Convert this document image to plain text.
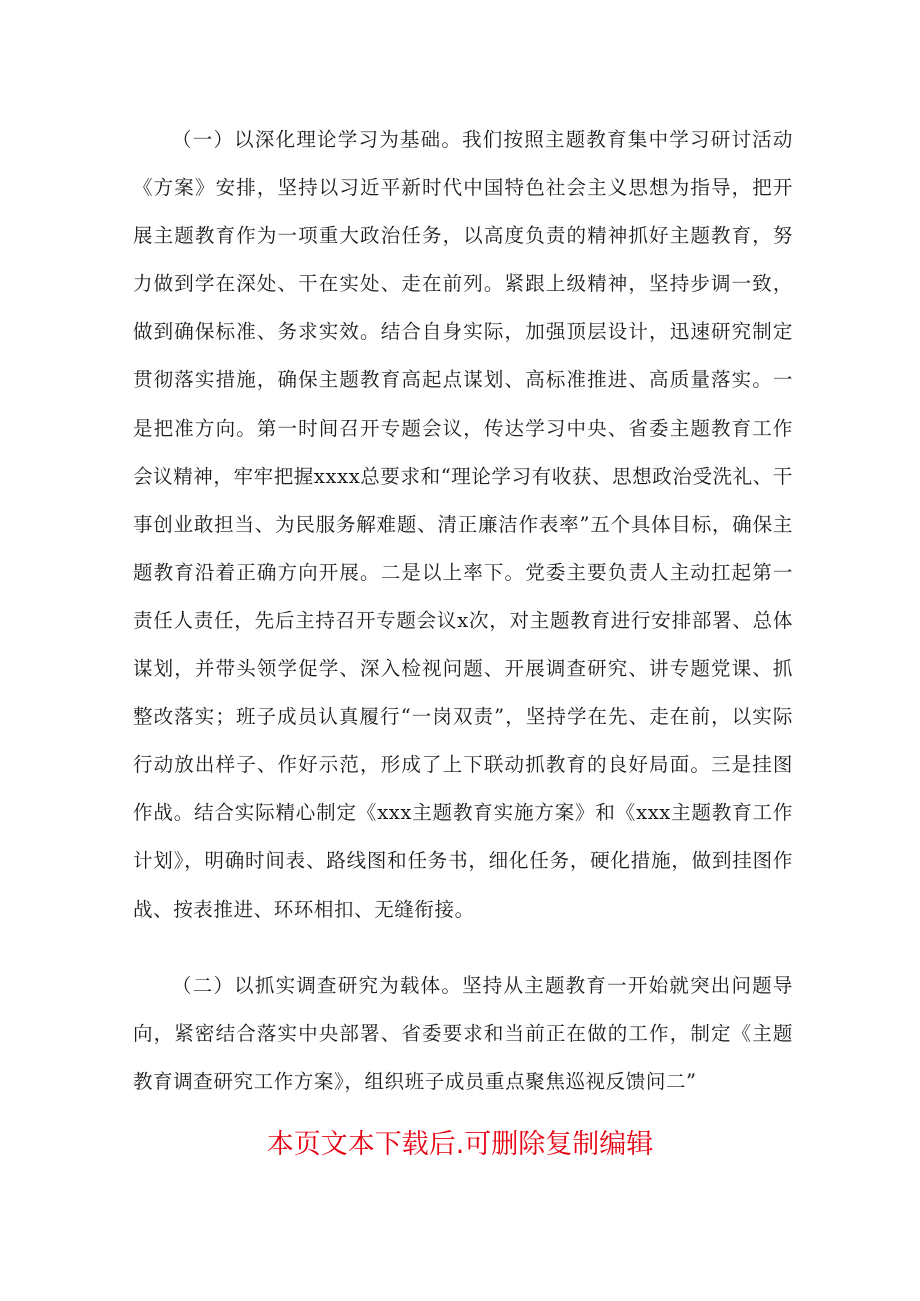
（一）以深化理论学习为基础。我们按照主题教育集中学习研讨活动《方案》安排，坚持以习近平新时代中国特色社会主义思想为指导，把开展主题教育作为一项重大政治任务，以高度负责的精神抓好主题教育，努力做到学在深处、干在实处、走在前列。紧跟上级精神，坚持步调一致，做到确保标准、务求实效。结合自身实际，加强顶层设计，迅速研究制定贯彻落实措施，确保主题教育高起点谋划、高标准推进、高质量落实。一是把准方向。第一时间召开专题会议，传达学习中央、省委主题教育工作会议精神，牢牢把握xxxx总要求和“理论学习有收获、思想政治受洗礼、干事创业敢担当、为民服务解难题、清正廉洁作表率”五个具体目标，确保主题教育沿着正确方向开展。二是以上率下。党委主要负责人主动扛起第一责任人责任，先后主持召开专题会议x次，对主题教育进行安排部署、总体谋划，并带头领学促学、深入检视问题、开展调查研究、讲专题党课、抓整改落实；班子成员认真履行“一岗双责”，坚持学在先、走在前，以实际行动放出样子、作好示范，形成了上下联动抓教育的良好局面。三是挂图作战。结合实际精心制定《xxx主题教育实施方案》和《xxx主题教育工作计划》，明确时间表、路线图和任务书，细化任务，硬化措施，做到挂图作战、按表推进、环环相扣、无缝衔接。

（二）以抓实调查研究为载体。坚持从主题教育一开始就突出问题导向，紧密结合落实中央部署、省委要求和当前正在做的工作，制定《主题教育调查研究工作方案》，组织班子成员重点聚焦巡视反馈问二”

本页文本下载后.可删除复制编辑
